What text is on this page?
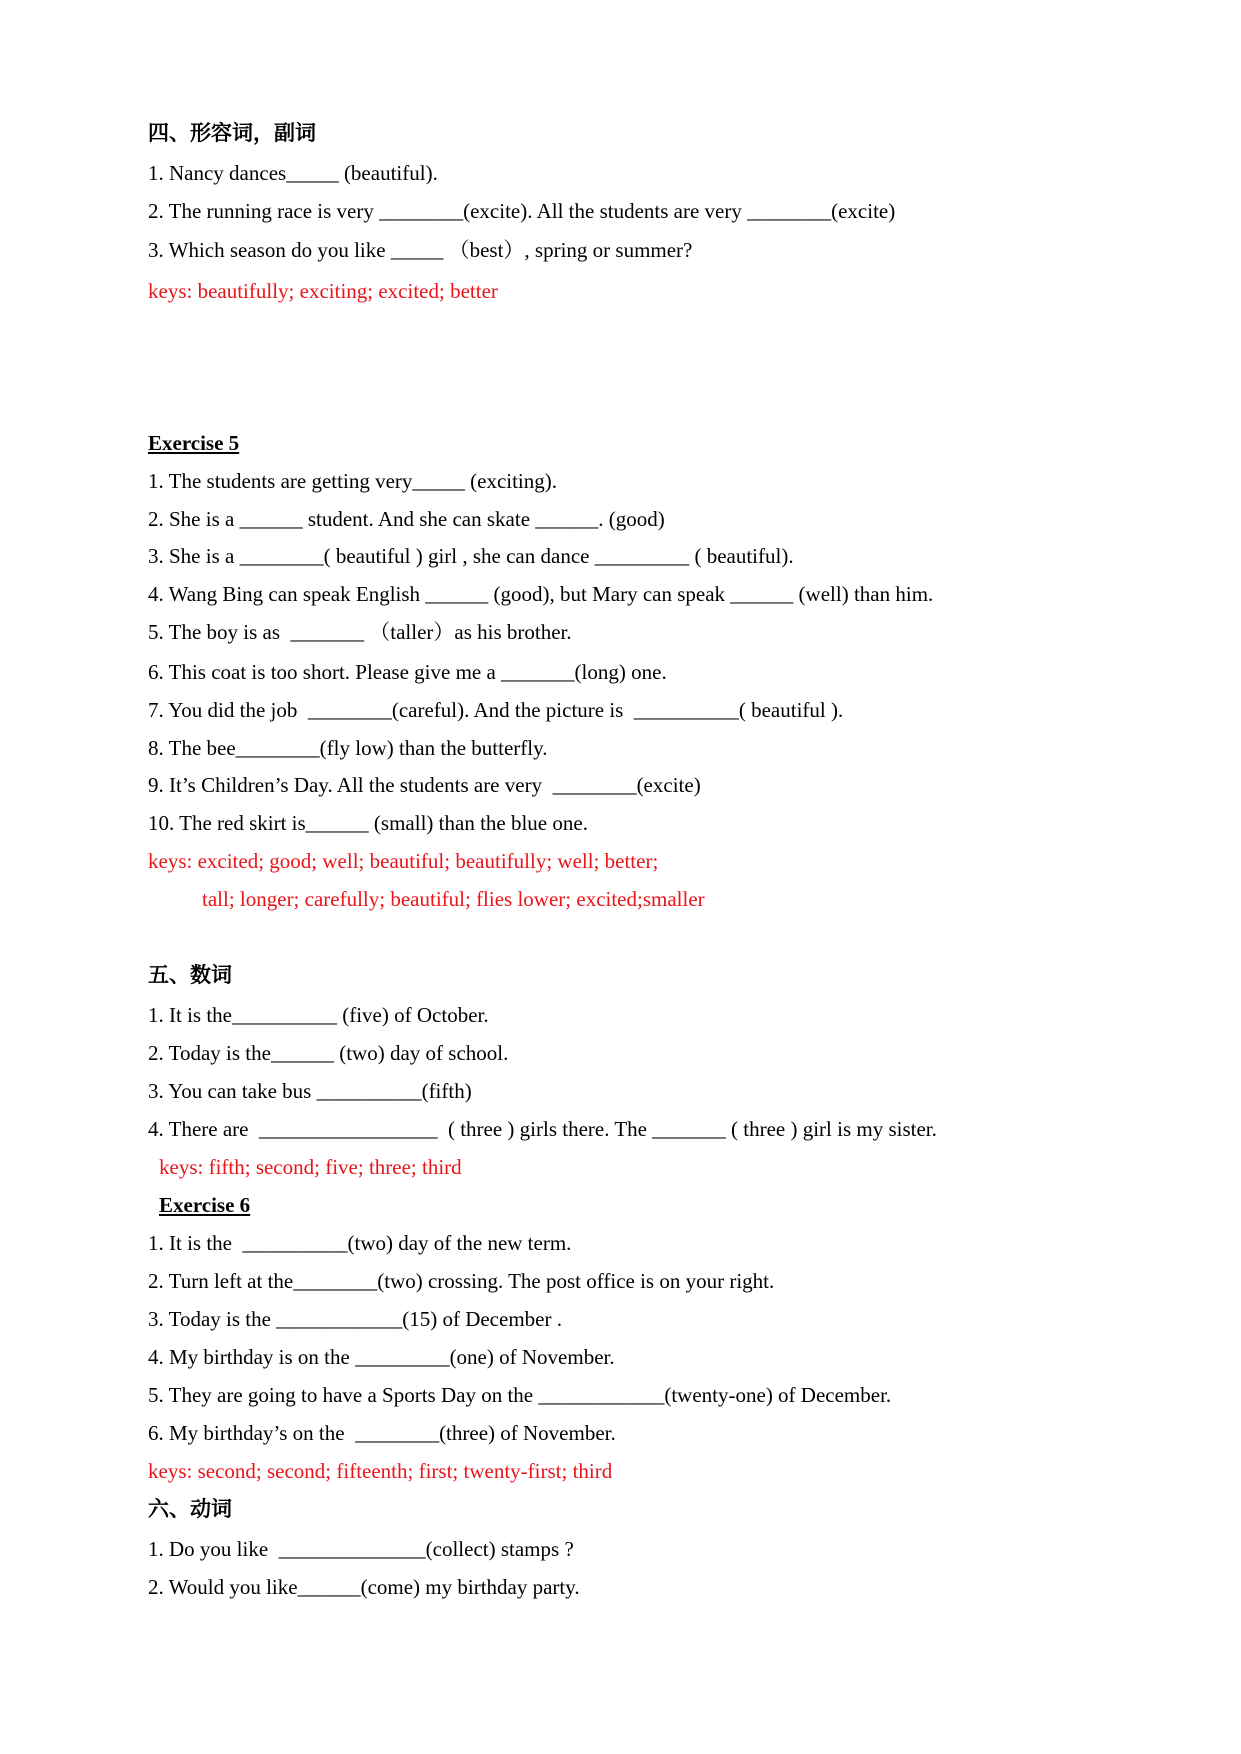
四、形容词，副词
1. Nancy dances_____ (beautiful).
2. The running race is very ________(excite). All the students are very ________(excite)
3. Which season do you like _____ （best）, spring or summer?
keys: beautifully; exciting; excited; better
Exercise 5
1. The students are getting very_____ (exciting).
2. She is a ______ student. And she can skate ______. (good)
3. She is a ________( beautiful ) girl , she can dance _________ ( beautiful).
4. Wang Bing can speak English ______ (good), but Mary can speak ______ (well) than him.
5. The boy is as  _______ （taller）as his brother.
6. This coat is too short. Please give me a _______(long) one.
7. You did the job  ________(careful). And the picture is  __________( beautiful ).
8. The bee________(fly low) than the butterfly.
9. It’s Children’s Day. All the students are very  ________(excite)
10. The red skirt is______ (small) than the blue one.
keys: excited; good; well; beautiful; beautifully; well; better;
tall; longer; carefully; beautiful; flies lower; excited;smaller
五、数词
1. It is the__________ (five) of October.
2. Today is the______ (two) day of school.
3. You can take bus __________(fifth)
4. There are  _________________  ( three ) girls there. The _______ ( three ) girl is my sister.
keys: fifth; second; five; three; third
Exercise 6
1. It is the  __________(two) day of the new term.
2. Turn left at the________(two) crossing. The post office is on your right.
3. Today is the ____________(15) of December .
4. My birthday is on the _________(one) of November.
5. They are going to have a Sports Day on the ____________(twenty-one) of December.
6. My birthday’s on the  ________(three) of November.
keys: second; second; fifteenth; first; twenty-first; third
六、动词
1. Do you like  ______________(collect) stamps ?
2. Would you like______(come) my birthday party.
